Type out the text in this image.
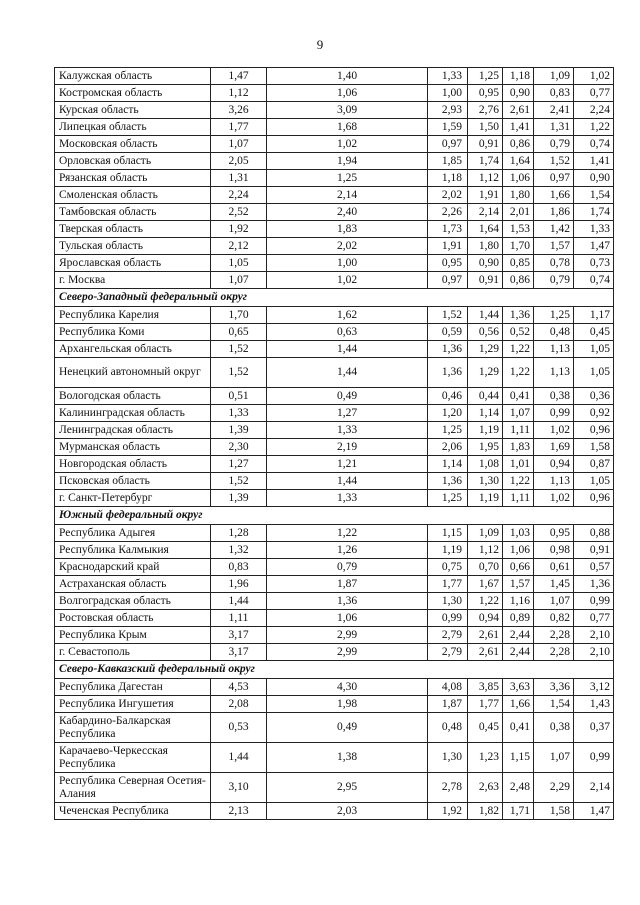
9
Калужская область	1,47	1,40	1,33	1,25	1,18	1,09	1,02
Костромская область	1,12	1,06	1,00	0,95	0,90	0,83	0,77
Курская область	3,26	3,09	2,93	2,76	2,61	2,41	2,24
Липецкая область	1,77	1,68	1,59	1,50	1,41	1,31	1,22
Московская область	1,07	1,02	0,97	0,91	0,86	0,79	0,74
Орловская область	2,05	1,94	1,85	1,74	1,64	1,52	1,41
Рязанская область	1,31	1,25	1,18	1,12	1,06	0,97	0,90
Смоленская область	2,24	2,14	2,02	1,91	1,80	1,66	1,54
Тамбовская область	2,52	2,40	2,26	2,14	2,01	1,86	1,74
Тверская область	1,92	1,83	1,73	1,64	1,53	1,42	1,33
Тульская область	2,12	2,02	1,91	1,80	1,70	1,57	1,47
Ярославская область	1,05	1,00	0,95	0,90	0,85	0,78	0,73
г. Москва	1,07	1,02	0,97	0,91	0,86	0,79	0,74
Северо-Западный федеральный округ							
Республика Карелия	1,70	1,62	1,52	1,44	1,36	1,25	1,17
Республика Коми	0,65	0,63	0,59	0,56	0,52	0,48	0,45
Архангельская область	1,52	1,44	1,36	1,29	1,22	1,13	1,05
Ненецкий автономный округ	1,52	1,44	1,36	1,29	1,22	1,13	1,05
Вологодская область	0,51	0,49	0,46	0,44	0,41	0,38	0,36
Калининградская область	1,33	1,27	1,20	1,14	1,07	0,99	0,92
Ленинградская область	1,39	1,33	1,25	1,19	1,11	1,02	0,96
Мурманская область	2,30	2,19	2,06	1,95	1,83	1,69	1,58
Новгородская область	1,27	1,21	1,14	1,08	1,01	0,94	0,87
Псковская область	1,52	1,44	1,36	1,30	1,22	1,13	1,05
г. Санкт-Петербург	1,39	1,33	1,25	1,19	1,11	1,02	0,96
Южный федеральный округ							
Республика Адыгея	1,28	1,22	1,15	1,09	1,03	0,95	0,88
Республика Калмыкия	1,32	1,26	1,19	1,12	1,06	0,98	0,91
Краснодарский край	0,83	0,79	0,75	0,70	0,66	0,61	0,57
Астраханская область	1,96	1,87	1,77	1,67	1,57	1,45	1,36
Волгоградская область	1,44	1,36	1,30	1,22	1,16	1,07	0,99
Ростовская область	1,11	1,06	0,99	0,94	0,89	0,82	0,77
Республика Крым	3,17	2,99	2,79	2,61	2,44	2,28	2,10
г. Севастополь	3,17	2,99	2,79	2,61	2,44	2,28	2,10
Северо-Кавказский федеральный округ							
Республика Дагестан	4,53	4,30	4,08	3,85	3,63	3,36	3,12
Республика Ингушетия	2,08	1,98	1,87	1,77	1,66	1,54	1,43
Кабардино-Балкарская Республика	0,53	0,49	0,48	0,45	0,41	0,38	0,37
Карачаево-Черкесская Республика	1,44	1,38	1,30	1,23	1,15	1,07	0,99
Республика Северная Осетия-Алания	3,10	2,95	2,78	2,63	2,48	2,29	2,14
Чеченская Республика	2,13	2,03	1,92	1,82	1,71	1,58	1,47
